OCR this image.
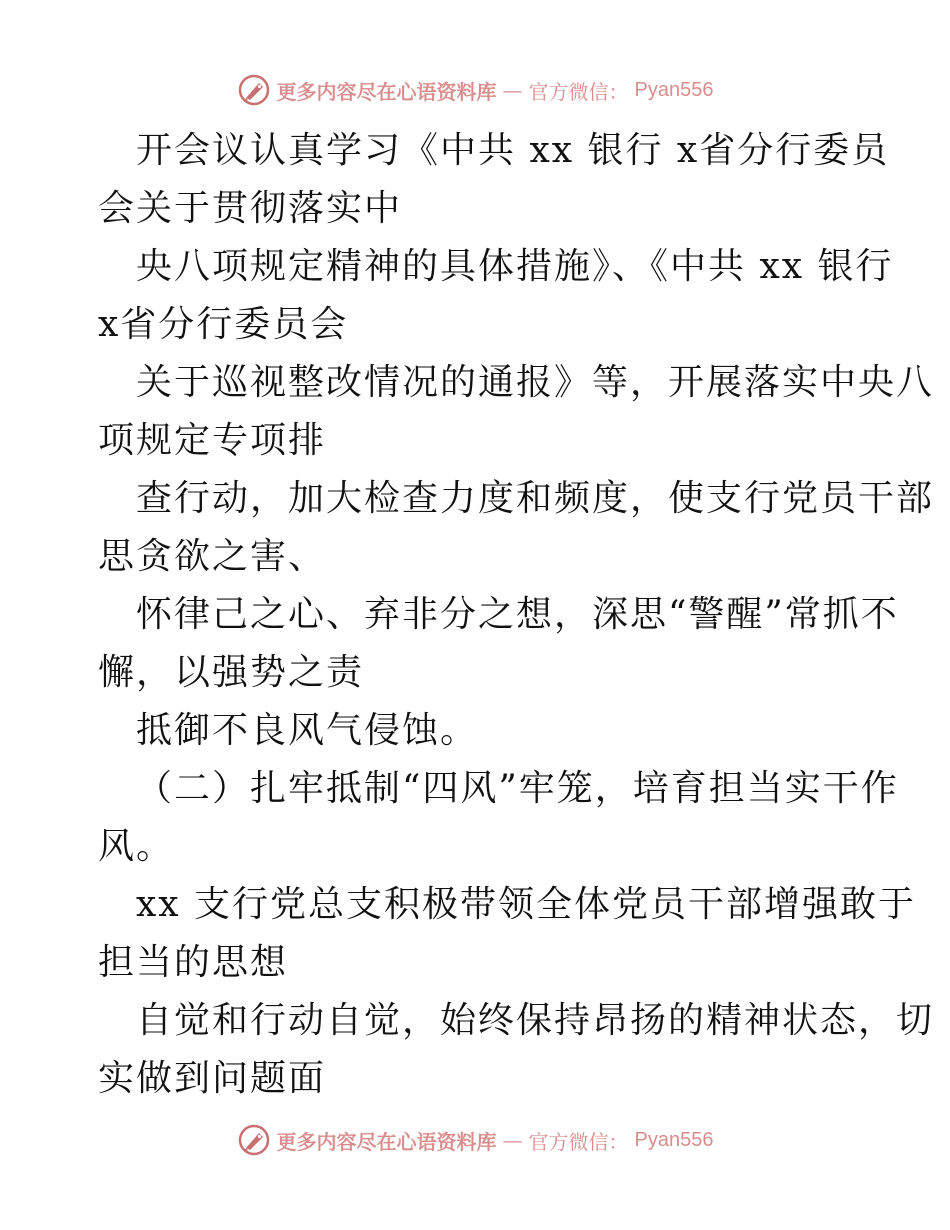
更多内容尽在心语资料库 — 官方微信： Pyan556
开会议认真学习《中共 xx 银行 x省分行委员
会关于贯彻落实中
央八项规定精神的具体措施》、《中共 xx 银行
x省分行委员会
关于巡视整改情况的通报》等，开展落实中央八
项规定专项排
查行动，加大检查力度和频度，使支行党员干部
思贪欲之害、
怀律己之心、弃非分之想，深思“警醒”常抓不
懈，以强势之责
抵御不良风气侵蚀。
（二）扎牢抵制“四风”牢笼，培育担当实干作
风。
xx 支行党总支积极带领全体党员干部增强敢于
担当的思想
自觉和行动自觉，始终保持昂扬的精神状态，切
实做到问题面
更多内容尽在心语资料库 — 官方微信： Pyan556
